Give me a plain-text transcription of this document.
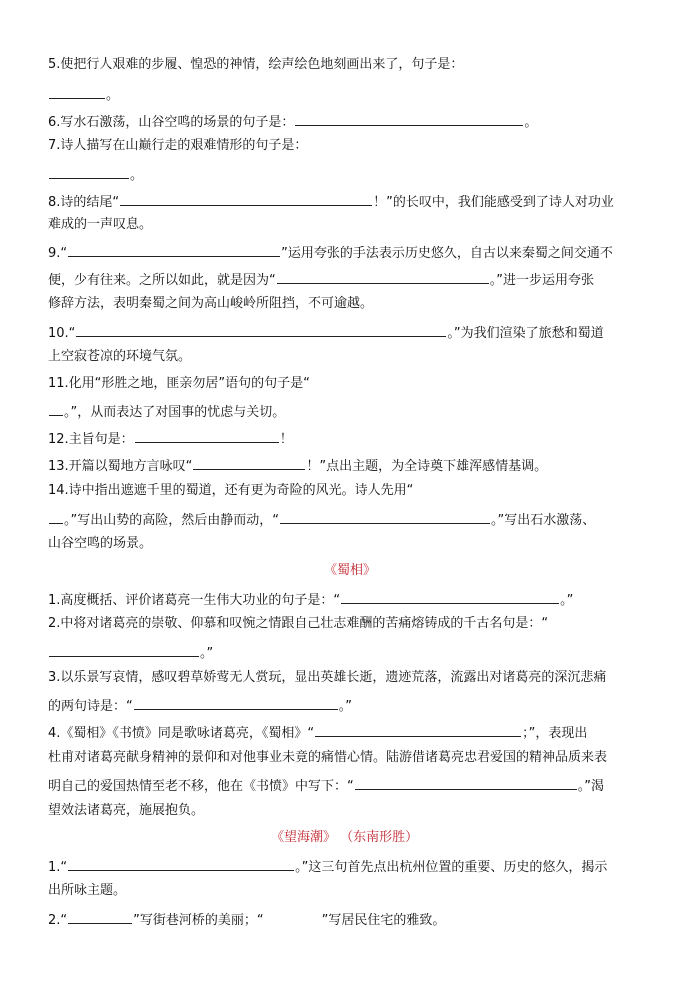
5.使把行人艰难的步履、惶恐的神情，绘声绘色地刻画出来了，句子是：
。
6.写水石激荡，山谷空鸣的场景的句子是：	。
7.诗人描写在山巅行走的艰难情形的句子是：
。
8.诗的结尾“	！”的长叹中，我们能感受到了诗人对功业
难成的一声叹息。
9.“	”运用夸张的手法表示历史悠久，自古以来秦蜀之间交通不
便，少有往来。之所以如此，就是因为“	。”进一步运用夸张
修辞方法，表明秦蜀之间为高山峻岭所阻挡，不可逾越。
10.“	。”为我们渲染了旅愁和蜀道
上空寂苍凉的环境气氛。
11.化用“形胜之地，匪亲勿居”语句的句子是“
。”，从而表达了对国事的忧虑与关切。
12.主旨句是：	！
13.开篇以蜀地方言咏叹“	！”点出主题，为全诗奠下雄浑感情基调。
14.诗中指出遮遮千里的蜀道，还有更为奇险的风光。诗人先用“
。”写出山势的高险，然后由静而动，“	。”写出石水激荡、
山谷空鸣的场景。
《蜀相》
1.高度概括、评价诸葛亮一生伟大功业的句子是：“	。”
2.中将对诸葛亮的崇敬、仰慕和叹惋之情跟自己壮志难酬的苦痛熔铸成的千古名句是：“
。”
3.以乐景写哀情，感叹碧草娇莺无人赏玩，显出英雄长逝，遗迹荒落，流露出对诸葛亮的深沉悲痛
的两句诗是：“	。”
4.《蜀相》《书愤》同是歌咏诸葛亮，《蜀相》“	；”，表现出
杜甫对诸葛亮献身精神的景仰和对他事业未竟的痛惜心情。陆游借诸葛亮忠君爱国的精神品质来表
明自己的爱国热情至老不移，他在《书愤》中写下：“	。”渴
望效法诸葛亮，施展抱负。
《望海潮》 （东南形胜）
1.“	。”这三句首先点出杭州位置的重要、历史的悠久，揭示
出所咏主题。
2.“	”写街巷河桥的美丽；“	”写居民住宅的雅致。
